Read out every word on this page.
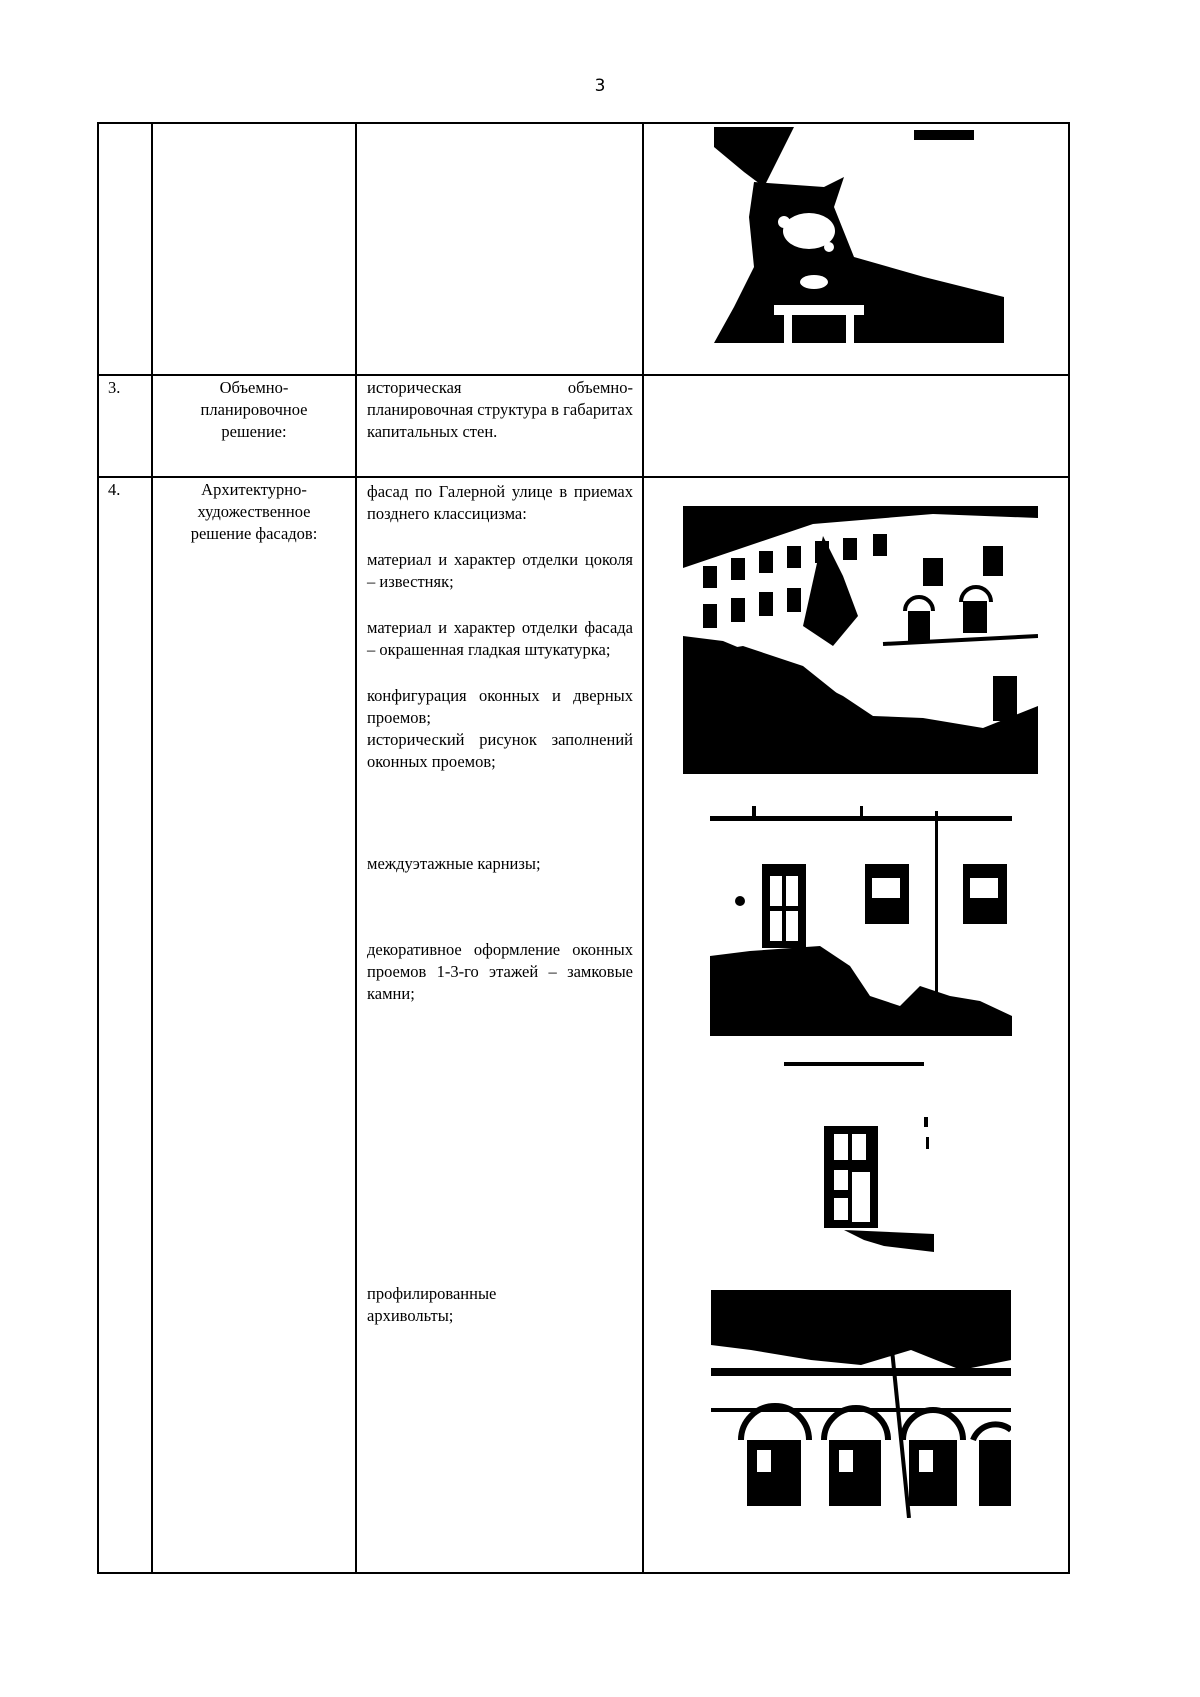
3
3.	Объемно-планировочное решение:

историческая объемно-планировочная структура в габаритах капитальных стен.

4.	Архитектурно-художественное решение фасадов:

фасад по Галерной улице в приемах позднего классицизма:

материал и характер отделки цоколя – известняк;

материал и характер отделки фасада – окрашенная гладкая штукатурка;

конфигурация оконных и дверных проемов;

исторический рисунок заполнений оконных проемов;

междуэтажные карнизы;

декоративное оформление оконных проемов 1-3-го этажей – замковые камни;

профилированные архивольты;
